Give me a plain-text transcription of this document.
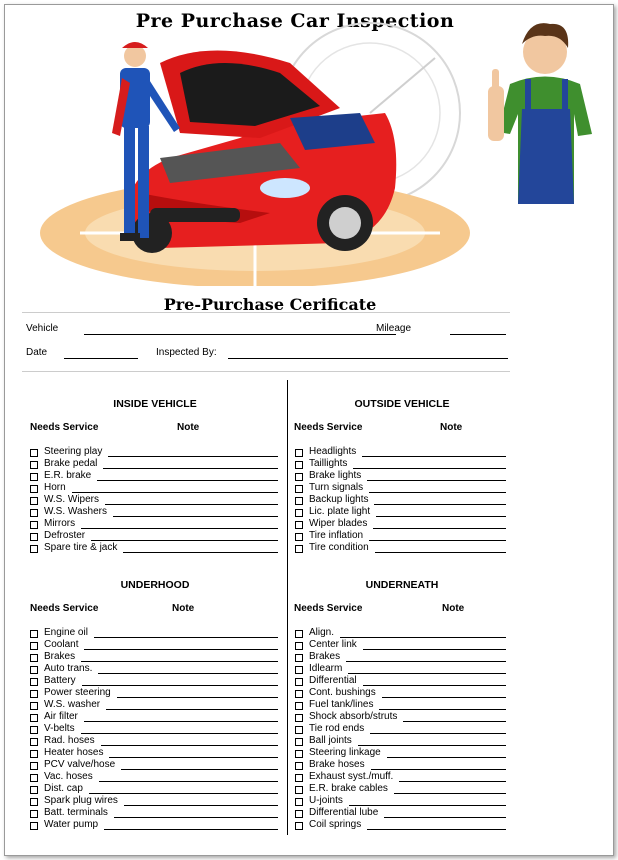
Pre Purchase Car Inspection
Pre-Purchase Cerificate
Vehicle	Mileage
Date	Inspected By:
INSIDE VEHICLE
Needs Service	Note
Steering play
Brake pedal
E.R. brake
Horn
W.S. Wipers
W.S. Washers
Mirrors
Defroster
Spare tire & jack
OUTSIDE VEHICLE
Needs Service	Note
Headlights
Taillights
Brake lights
Turn signals
Backup lights
Lic. plate light
Wiper blades
Tire inflation
Tire condition
UNDERHOOD
Needs Service	Note
Engine oil
Coolant
Brakes
Auto trans.
Battery
Power steering
W.S. washer
Air filter
V-belts
Rad. hoses
Heater hoses
PCV valve/hose
Vac. hoses
Dist. cap
Spark plug wires
Batt. terminals
Water pump
UNDERNEATH
Needs Service	Note
Align.
Center link
Brakes
Idlearm
Differential
Cont. bushings
Fuel tank/lines
Shock absorb/struts
Tie rod ends
Ball joints
Steering linkage
Brake hoses
Exhaust syst./muff.
E.R. brake cables
U-joints
Differential lube
Coil springs
